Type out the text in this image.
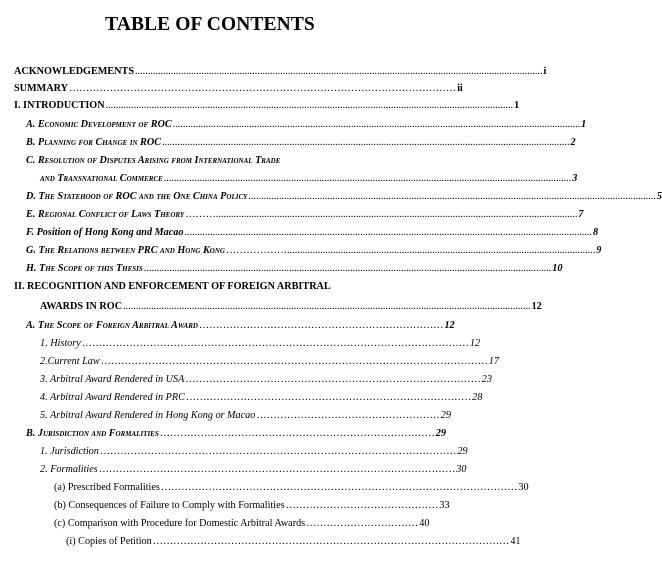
TABLE OF CONTENTS
ACKNOWLEDGEMENTS ................................................................................................................................................................ i
SUMMARY …………………………………………………………………………………………………… ii
I. INTRODUCTION ................................................................................................................................................................ 1
A. Economic Development of ROC ................................................................................................................................................................ 1
B. Planning for Change in ROC ................................................................................................................................................................ 2
C. Resolution of Disputes Arising from International Trade
and Transnational Commerce ................................................................................................................................................................ 3
D. The Statehood of ROC and the One China Policy ................................................................................................................................................................ 5
E. Regional Conflict of Laws Theory ……….............................................................................................................................................. 7
F. Position of Hong Kong and Macao ................................................................................................................................................................ 8
G. The Relations between PRC and Hong Kong ………………......................................................................................................................... 9
H. The Scope of this Thesis ................................................................................................................................................................ 10
II. RECOGNITION AND ENFORCEMENT OF FOREIGN ARBITRAL
AWARDS IN ROC ................................................................................................................................................................ 12
A. The Scope of Foreign Arbitral Award ……………………………………………………………… 12
1. History …………………………………………………………………………………………………… 12
2.Current Law …………………………………………………………………………………………………… 17
3. Arbitral Award Rendered in USA …………………………………………………………………………… 23
4. Arbitral Award Rendered in PRC ………………………………………………………………………… 28
5. Arbitral Award Rendered in Hong Kong or Macao ……………………………………………… 29
B. Jurisdiction and Formalities ……………………………………………………………………… 29
1. Jurisdiction …………………………………………………………………………………………… 29
2. Formalities …………………………………………………………………………………………… 30
(a) Prescribed Formalities …………………………………………………………………………………………… 30
(b) Consequences of Failure to Comply with Formalities ……………………………………… 33
(c) Comparison with Procedure for Domestic Arbitral Awards …………………………… 40
(i) Copies of Petition …………………………………………………………………………………………… 41
